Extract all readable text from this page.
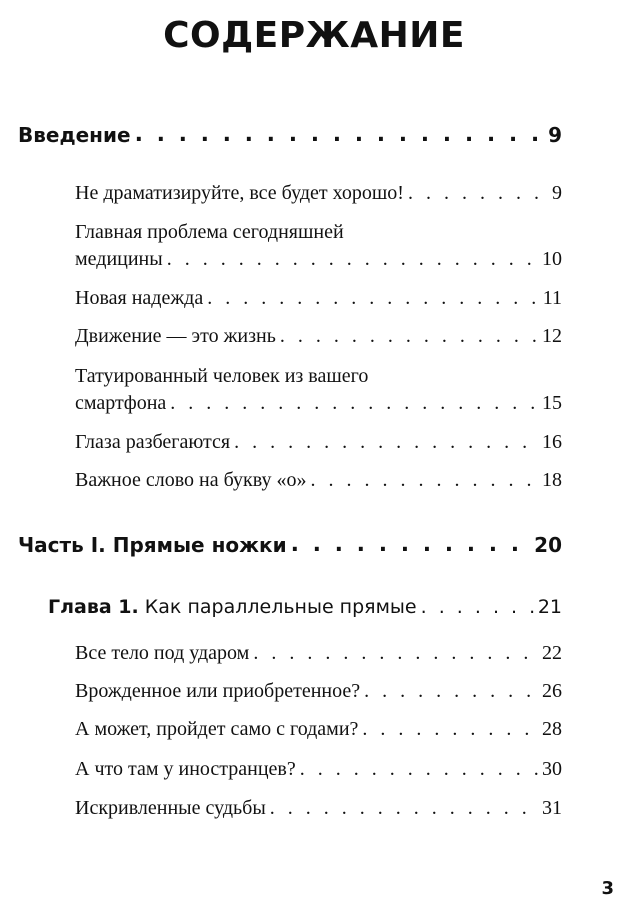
СОДЕРЖАНИЕ
Введение . . .	9
Не драматизируйте, все будет хорошо! . . .	9
Главная проблема сегодняшней
медицины . . .	10
Новая надежда . . .	11
Движение — это жизнь . . .	12
Татуированный человек из вашего
смартфона . . .	15
Глаза разбегаются . . .	16
Важное слово на букву «о» . . .	18
Часть I. Прямые ножки . . .	20
Глава 1. Как параллельные прямые . . .	21
Все тело под ударом . . .	22
Врожденное или приобретенное? . . .	26
А может, пройдет само с годами? . . .	28
А что там у иностранцев? . . .	30
Искривленные судьбы . . .	31
3
